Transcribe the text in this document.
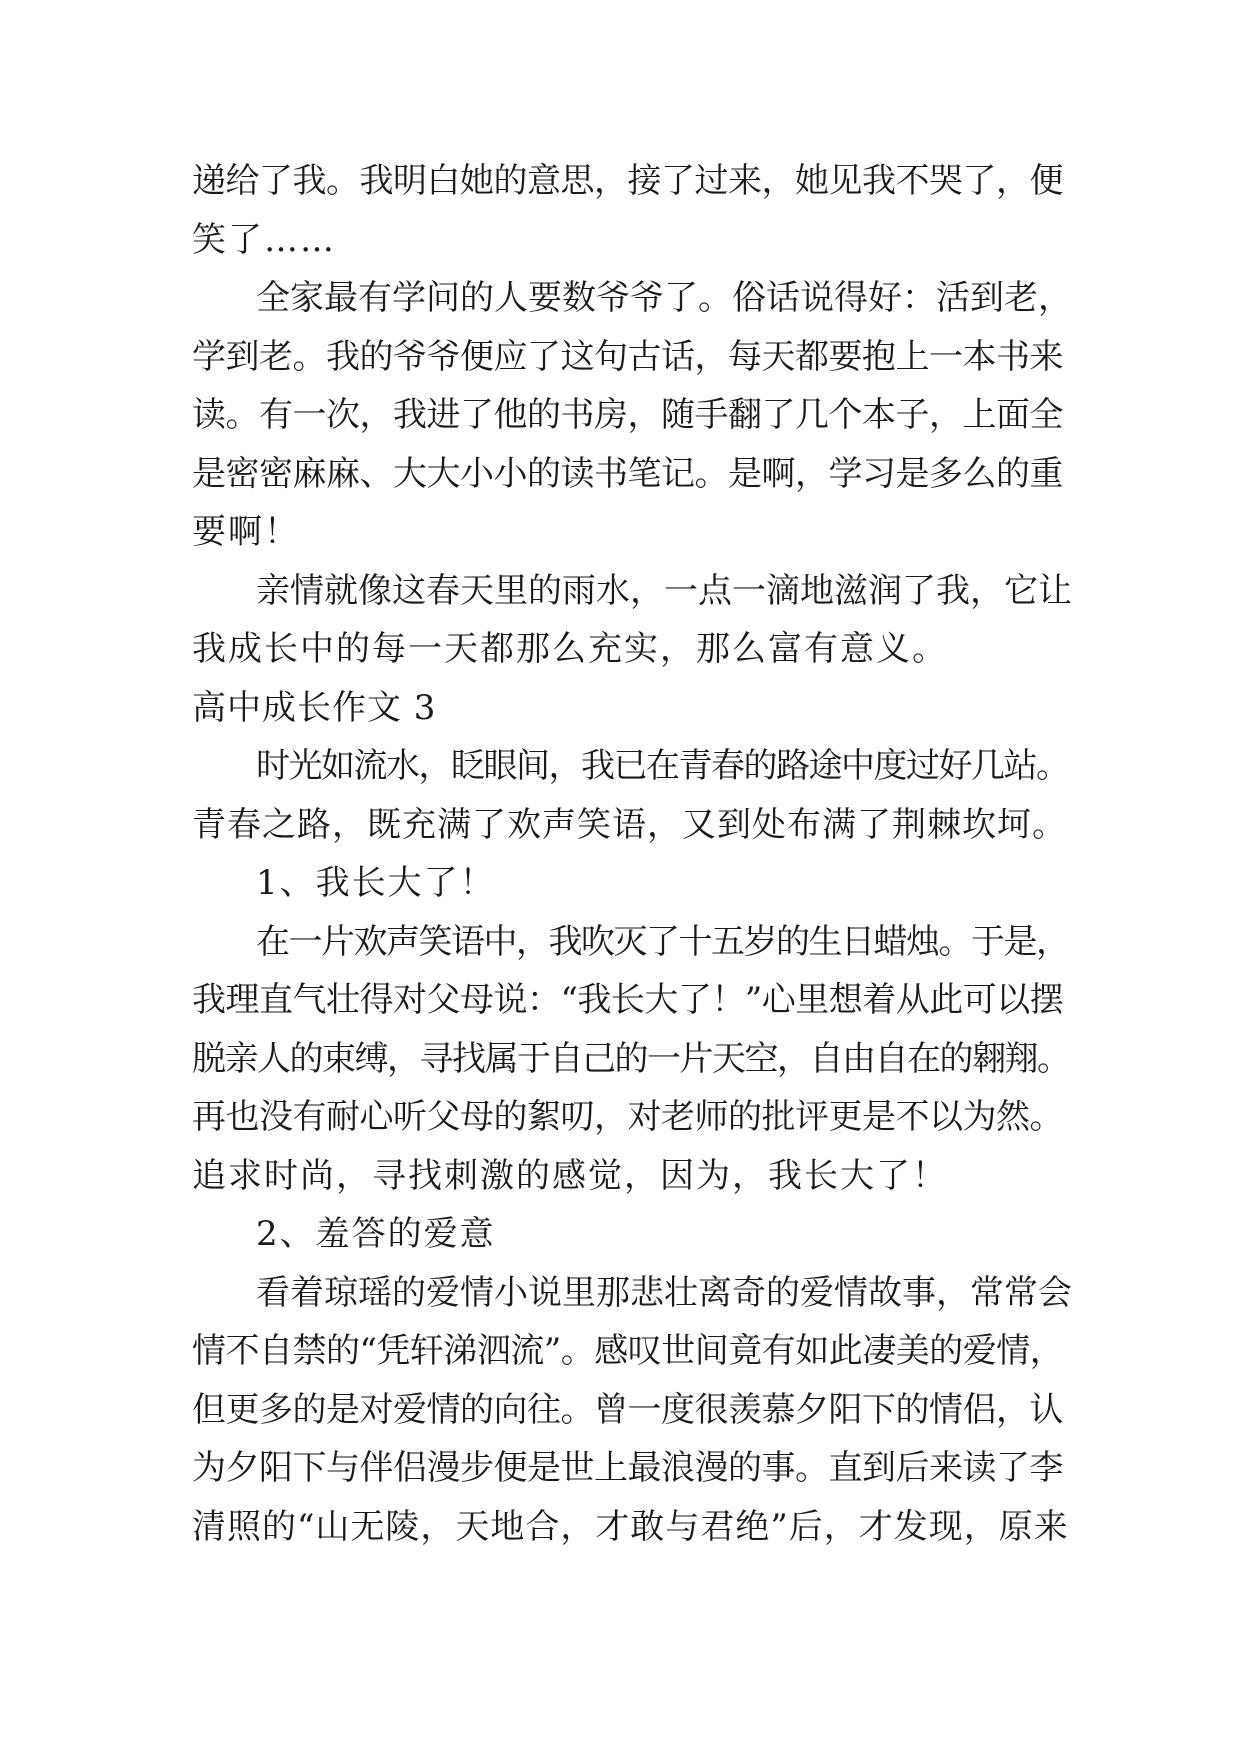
递给了我。我明白她的意思，接了过来，她见我不哭了，便
笑了……
全家最有学问的人要数爷爷了。俗话说得好：活到老，
学到老。我的爷爷便应了这句古话，每天都要抱上一本书来
读。有一次，我进了他的书房，随手翻了几个本子，上面全
是密密麻麻、大大小小的读书笔记。是啊，学习是多么的重
要啊！
亲情就像这春天里的雨水，一点一滴地滋润了我，它让
我成长中的每一天都那么充实，那么富有意义。
高中成长作文 3
时光如流水，眨眼间，我已在青春的路途中度过好几站。
青春之路，既充满了欢声笑语，又到处布满了荆棘坎坷。
1、我长大了！
在一片欢声笑语中，我吹灭了十五岁的生日蜡烛。于是，
我理直气壮得对父母说：“我长大了！”心里想着从此可以摆
脱亲人的束缚，寻找属于自己的一片天空，自由自在的翱翔。
再也没有耐心听父母的絮叨，对老师的批评更是不以为然。
追求时尚，寻找刺激的感觉，因为，我长大了！
2、羞答的爱意
看着琼瑶的爱情小说里那悲壮离奇的爱情故事，常常会
情不自禁的“凭轩涕泗流”。感叹世间竟有如此凄美的爱情，
但更多的是对爱情的向往。曾一度很羡慕夕阳下的情侣，认
为夕阳下与伴侣漫步便是世上最浪漫的事。直到后来读了李
清照的“山无陵，天地合，才敢与君绝”后，才发现，原来
